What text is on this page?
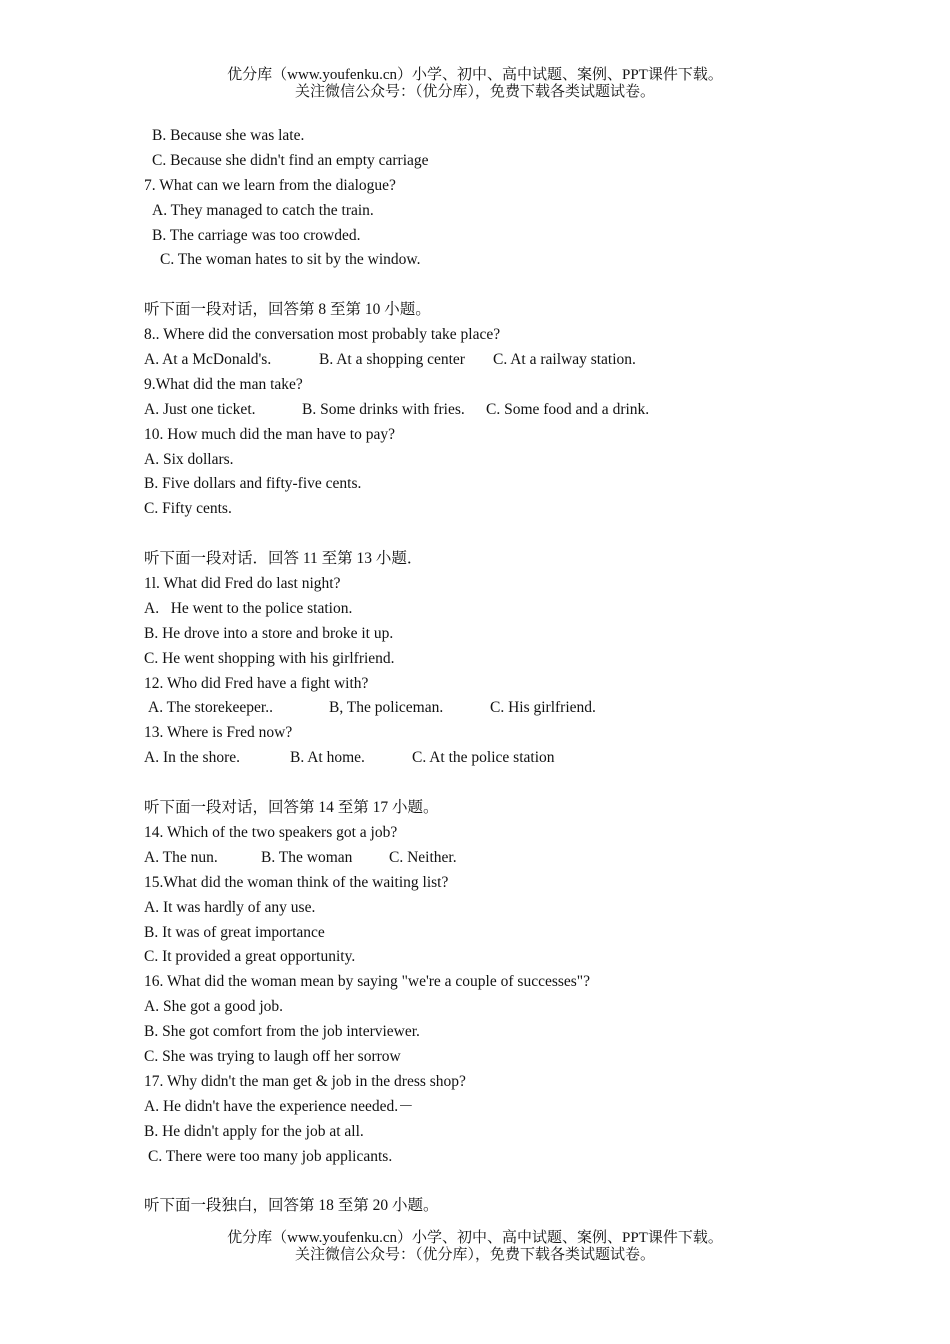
优分库（www.youfenku.cn）小学、初中、高中试题、案例、PPT课件下载。
关注微信公众号：（优分库），免费下载各类试题试卷。
B. Because she was late.
C. Because she didn't find an empty carriage
7. What can we learn from the dialogue?
A. They managed to catch the train.
B. The carriage was too crowded.
C. The woman hates to sit by the window.
听下面一段对话，回答第 8 至第 10 小题。
8.. Where did the conversation most probably take place?
A. At a McDonald's.	B. At a shopping center C. At a railway station.
9.What did the man take?
A. Just one ticket.	B. Some drinks with fries. C. Some food and a drink.
10. How much did the man have to pay?
A. Six dollars.
B. Five dollars and fifty-five cents.
C. Fifty cents.
听下面一段对话．回答 11 至第 13 小题．
1l. What did Fred do last night?
A.   He went to the police station.
B. He drove into a store and broke it up.
C. He went shopping with his girlfriend.
12. Who did Fred have a fight with?
A. The storekeeper..	B, The policeman.	C. His girlfriend.
13. Where is Fred now?
A. In the shore.	B. At home.	C. At the police station
听下面一段对话，回答第 14 至第 17 小题。
14. Which of the two speakers got a job?
A. The nun.	B. The woman C. Neither.
15.What did the woman think of the waiting list?
A. It was hardly of any use.
B. It was of great importance
C. It provided a great opportunity.
16. What did the woman mean by saying "we're a couple of successes"?
A. She got a good job.
B. She got comfort from the job interviewer.
C. She was trying to laugh off her sorrow
17. Why didn't the man get & job in the dress shop?
A. He didn't have the experience needed.－
B. He didn't apply for the job at all.
C. There were too many job applicants.
听下面一段独白，回答第 18 至第 20 小题。
优分库（www.youfenku.cn）小学、初中、高中试题、案例、PPT课件下载。
关注微信公众号：（优分库），免费下载各类试题试卷。
